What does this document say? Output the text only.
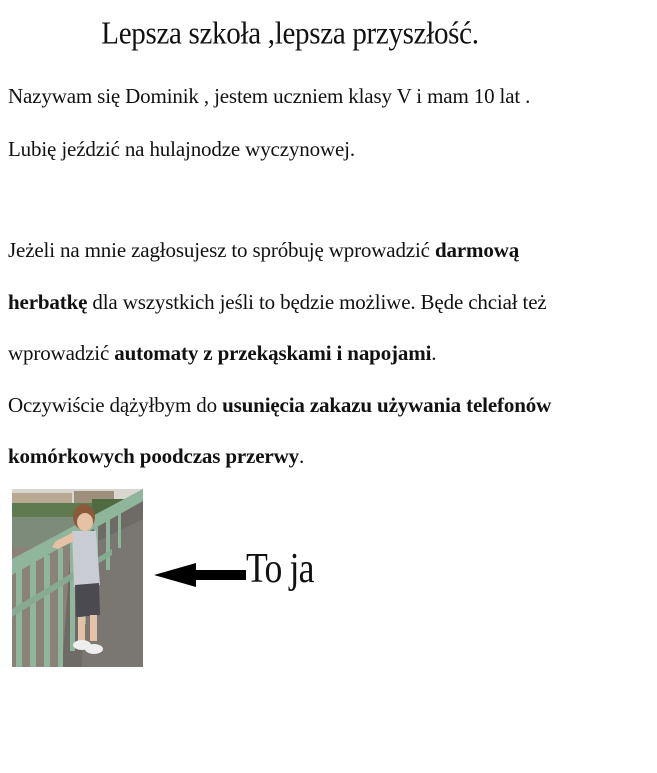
Lepsza szkoła ,lepsza przyszłość.
Nazywam się Dominik , jestem uczniem klasy V i mam 10 lat .
Lubię jeździć na hulajnodze wyczynowej.
Jeżeli na mnie zagłosujesz to spróbuję wprowadzić darmową
herbatkę dla wszystkich jeśli to będzie możliwe. Będe chciał też
wprowadzić automaty z przekąskami i napojami.
Oczywiście dążyłbym do usunięcia zakazu używania telefonów
komórkowych poodczas przerwy.
To ja
